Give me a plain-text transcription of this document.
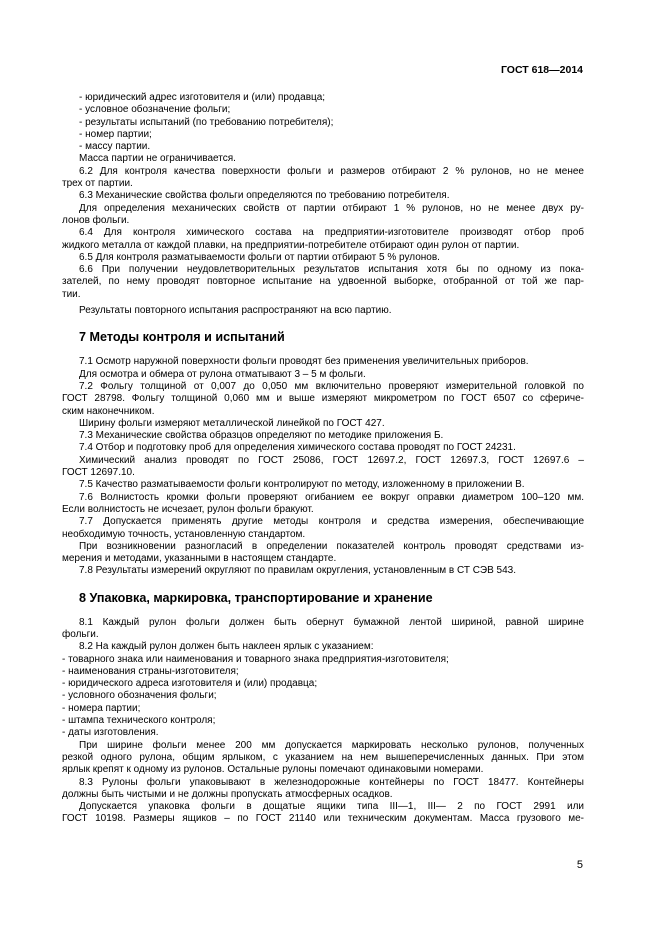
ГОСТ 618—2014

- юридический адрес изготовителя и (или) продавца;

- условное обозначение фольги;

- результаты испытаний (по требованию потребителя);

- номер партии;

- массу партии.

Масса партии не ограничивается.

6.2 Для контроля качества поверхности фольги и размеров отбирают 2 % рулонов, но не менее

трех от партии.

6.3 Механические свойства фольги определяются по требованию потребителя.

Для определения механических свойств от партии отбирают 1 % рулонов, но не менее двух ру-

лонов фольги.

6.4 Для контроля химического состава на предприятии-изготовителе производят отбор проб

жидкого металла от каждой плавки, на предприятии-потребителе отбирают один рулон от партии.

6.5 Для контроля разматываемости фольги от партии отбирают 5 % рулонов.

6.6 При получении неудовлетворительных результатов испытания хотя бы по одному из пока-

зателей, по нему проводят повторное испытание на удвоенной выборке, отобранной от той же пар-

тии.

Результаты повторного испытания распространяют на всю партию.

7 Методы контроля и испытаний

7.1 Осмотр наружной поверхности фольги проводят без применения увеличительных приборов.

Для осмотра и обмера от рулона отматывают 3 – 5 м фольги.

7.2 Фольгу толщиной от 0,007 до 0,050 мм включительно проверяют измерительной головкой по

ГОСТ 28798. Фольгу толщиной 0,060 мм и выше измеряют микрометром по ГОСТ 6507 со сфериче-

ским наконечником.

Ширину фольги измеряют металлической линейкой по ГОСТ 427.

7.3 Механические свойства образцов определяют по методике приложения Б.

7.4 Отбор и подготовку проб для определения химического состава проводят по ГОСТ 24231.

Химический анализ проводят по ГОСТ 25086, ГОСТ 12697.2, ГОСТ 12697.3, ГОСТ 12697.6 –

ГОСТ 12697.10.

7.5 Качество разматываемости фольги контролируют по методу, изложенному в приложении В.

7.6 Волнистость кромки фольги проверяют огибанием ее вокруг оправки диаметром 100–120 мм.

Если волнистость не исчезает, рулон фольги бракуют.

7.7 Допускается применять другие методы контроля и средства измерения, обеспечивающие

необходимую точность, установленную стандартом.

При возникновении разногласий в определении показателей контроль проводят средствами из-

мерения и методами, указанными в настоящем стандарте.

7.8 Результаты измерений округляют по правилам округления, установленным в СТ СЭВ 543.

8 Упаковка, маркировка, транспортирование и хранение

8.1 Каждый рулон фольги должен быть обернут бумажной лентой шириной, равной ширине

фольги.

8.2 На каждый рулон должен быть наклеен ярлык с указанием:

- товарного знака или наименования и товарного знака предприятия-изготовителя;

- наименования страны-изготовителя;

- юридического адреса изготовителя и (или) продавца;

- условного обозначения фольги;

- номера партии;

- штампа технического контроля;

- даты изготовления.

При ширине фольги менее 200 мм допускается маркировать несколько рулонов, полученных

резкой одного рулона, общим ярлыком, с указанием на нем вышеперечисленных данных. При этом

ярлык крепят к одному из рулонов. Остальные рулоны помечают одинаковыми номерами.

8.3 Рулоны фольги упаковывают в железнодорожные контейнеры по ГОСТ 18477. Контейнеры

должны быть чистыми и не должны пропускать атмосферных осадков.

Допускается упаковка фольги в дощатые ящики типа III—1, III— 2 по ГОСТ 2991 или

ГОСТ 10198. Размеры ящиков – по ГОСТ 21140 или техническим документам. Масса грузового ме-

5
